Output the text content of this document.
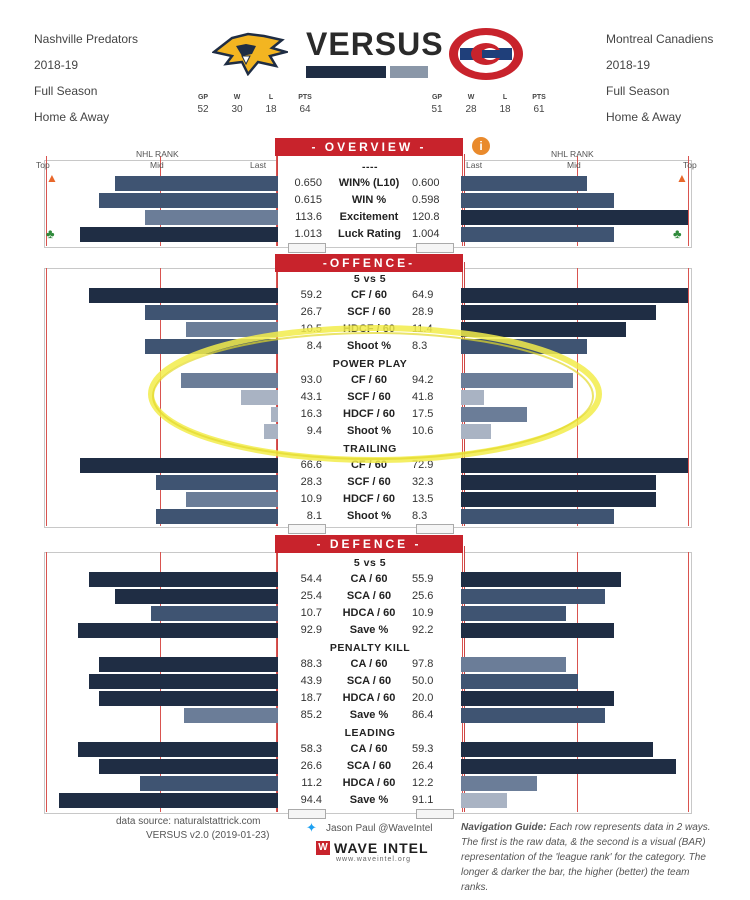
Nashville Predators
2018-19
Full Season
Home & Away
Montreal Canadiens
2018-19
Full Season
Home & Away
VERSUS
GP
52
W
30
L
18
PTS
64
GP
51
W
28
L
18
PTS
61
- OVERVIEW -
-OFFENCE-
- DEFENCE -
i
NHL RANK	NHL RANK
Top	Mid	Last	Last	Mid	Top
▲	▲
♣	♣
----
5 vs 5
POWER PLAY
TRAILING
5 vs 5
PENALTY KILL
LEADING
0.650 WIN% (L10) 0.600
0.615	WIN %	0.598
113.6 Excitement 120.8
1.013 Luck Rating 1.004
59.2	CF / 60	64.9
26.7	SCF / 60	28.9
10.5	HDCF / 60	11.4
8.4	Shoot %	8.3
93.0	CF / 60	94.2
43.1	SCF / 60	41.8
16.3	HDCF / 60	17.5
9.4	Shoot %	10.6
66.6	CF / 60	72.9
28.3	SCF / 60	32.3
10.9	HDCF / 60	13.5
8.1	Shoot %	8.3
54.4	CA / 60	55.9
25.4	SCA / 60	25.6
10.7	HDCA / 60	10.9
92.9	Save %	92.2
88.3	CA / 60	97.8
43.9	SCA / 60	50.0
18.7	HDCA / 60	20.0
85.2	Save %	86.4
58.3	CA / 60	59.3
26.6	SCA / 60	26.4
11.2	HDCA / 60	12.2
94.4	Save %	91.1
data source: naturalstattrick.com
VERSUS v2.0 (2019-01-23)
✦ Jason Paul @WaveIntel
W WAVE INTEL
www.waveintel.org
Navigation Guide: Each row represents data in 2 ways. The first is the raw data, & the second is a visual (BAR) representation of the 'league rank' for the category. The longer & darker the bar, the higher (better) the team ranks.
